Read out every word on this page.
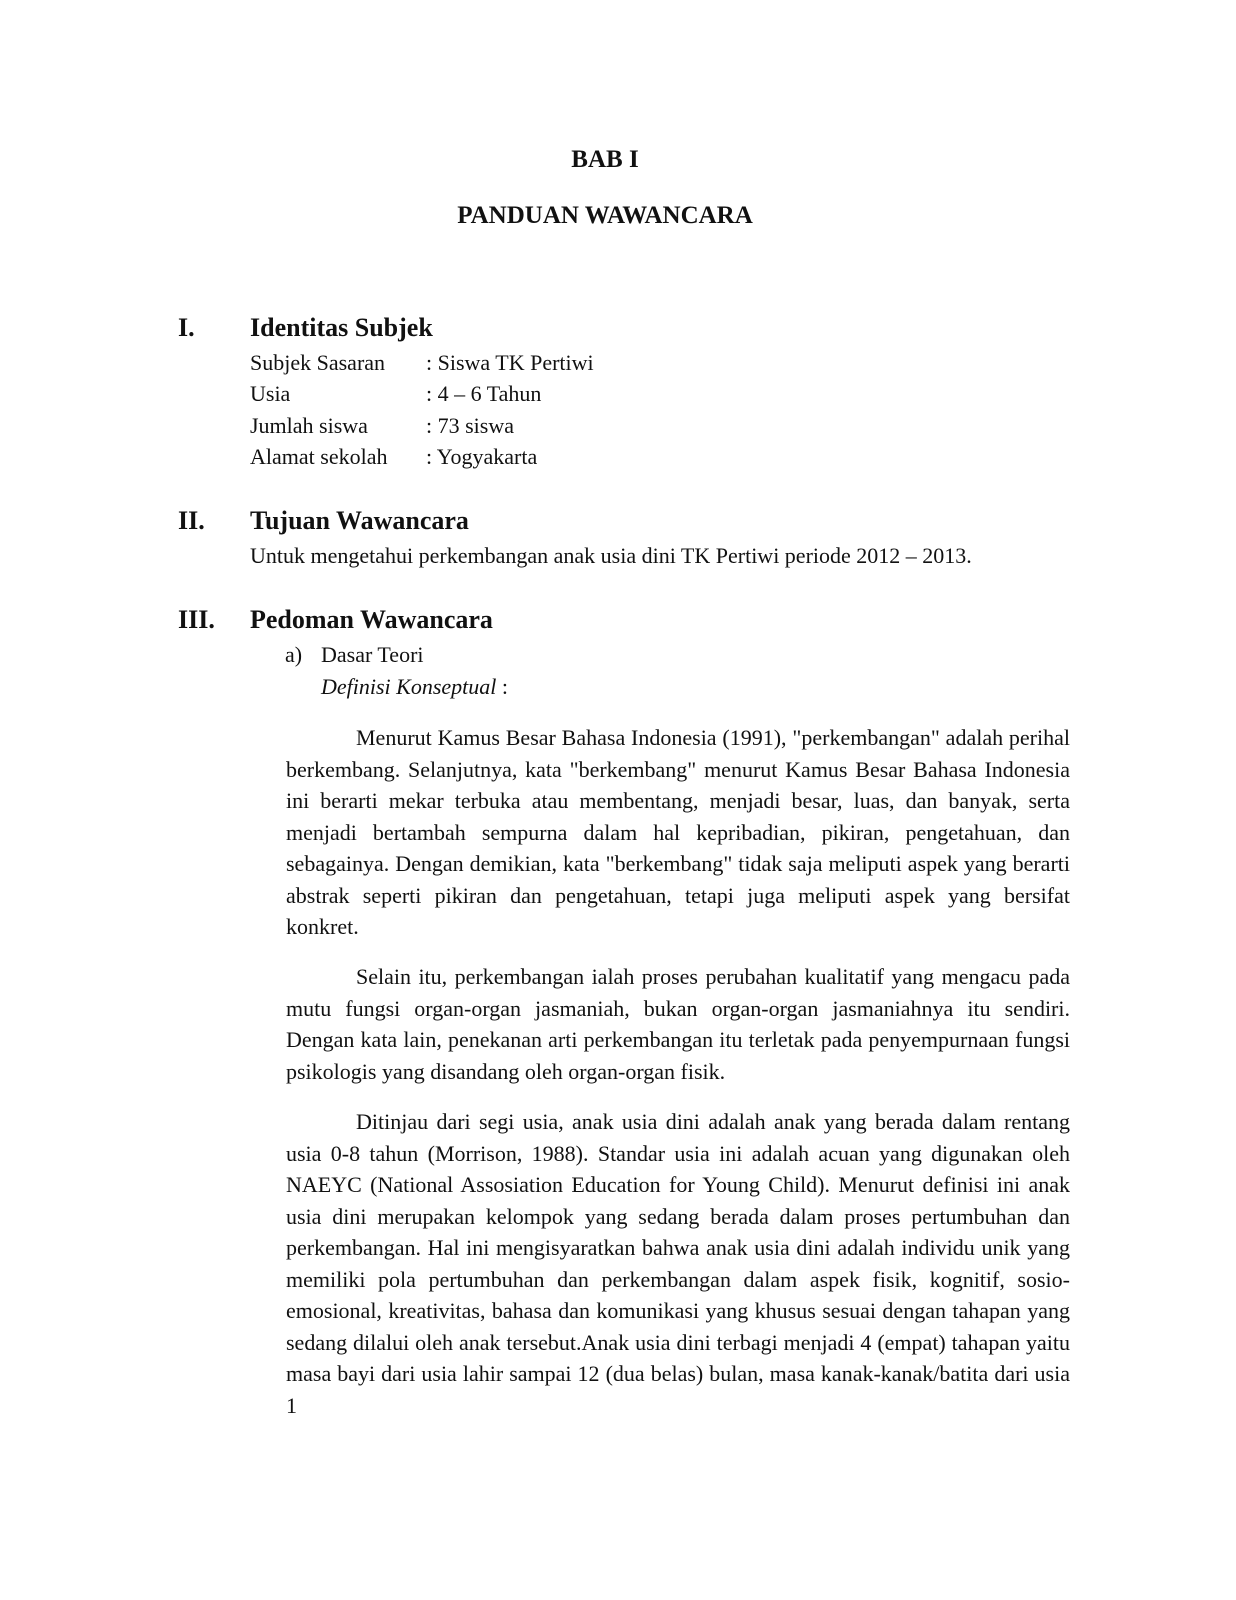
BAB I
PANDUAN WAWANCARA
I. Identitas Subjek
Subjek Sasaran : Siswa TK Pertiwi
Usia	: 4 – 6 Tahun
Jumlah siswa	: 73 siswa
Alamat sekolah : Yogyakarta
II. Tujuan Wawancara
Untuk mengetahui perkembangan anak usia dini TK Pertiwi periode 2012 – 2013.
III. Pedoman Wawancara
a) Dasar Teori
Definisi Konseptual :

Menurut Kamus Besar Bahasa Indonesia (1991), "perkembangan" adalah perihal berkembang. Selanjutnya, kata "berkembang" menurut Kamus Besar Bahasa Indonesia ini berarti mekar terbuka atau membentang, menjadi besar, luas, dan banyak, serta menjadi bertambah sempurna dalam hal kepribadian, pikiran, pengetahuan, dan sebagainya. Dengan demikian, kata "berkembang" tidak saja meliputi aspek yang berarti abstrak seperti pikiran dan pengetahuan, tetapi juga meliputi aspek yang bersifat konkret.

Selain itu, perkembangan ialah proses perubahan kualitatif yang mengacu pada mutu fungsi organ-organ jasmaniah, bukan organ-organ jasmaniahnya itu sendiri. Dengan kata lain, penekanan arti perkembangan itu terletak pada penyempurnaan fungsi psikologis yang disandang oleh organ-organ fisik.

Ditinjau dari segi usia, anak usia dini adalah anak yang berada dalam rentang usia 0-8 tahun (Morrison, 1988). Standar usia ini adalah acuan yang digunakan oleh NAEYC (National Assosiation Education for Young Child). Menurut definisi ini anak usia dini merupakan kelompok yang sedang berada dalam proses pertumbuhan dan perkembangan. Hal ini mengisyaratkan bahwa anak usia dini adalah individu unik yang memiliki pola pertumbuhan dan perkembangan dalam aspek fisik, kognitif, sosio-emosional, kreativitas, bahasa dan komunikasi yang khusus sesuai dengan tahapan yang sedang dilalui oleh anak tersebut.Anak usia dini terbagi menjadi 4 (empat) tahapan yaitu masa bayi dari usia lahir sampai 12 (dua belas) bulan, masa kanak-kanak/batita dari usia 1
